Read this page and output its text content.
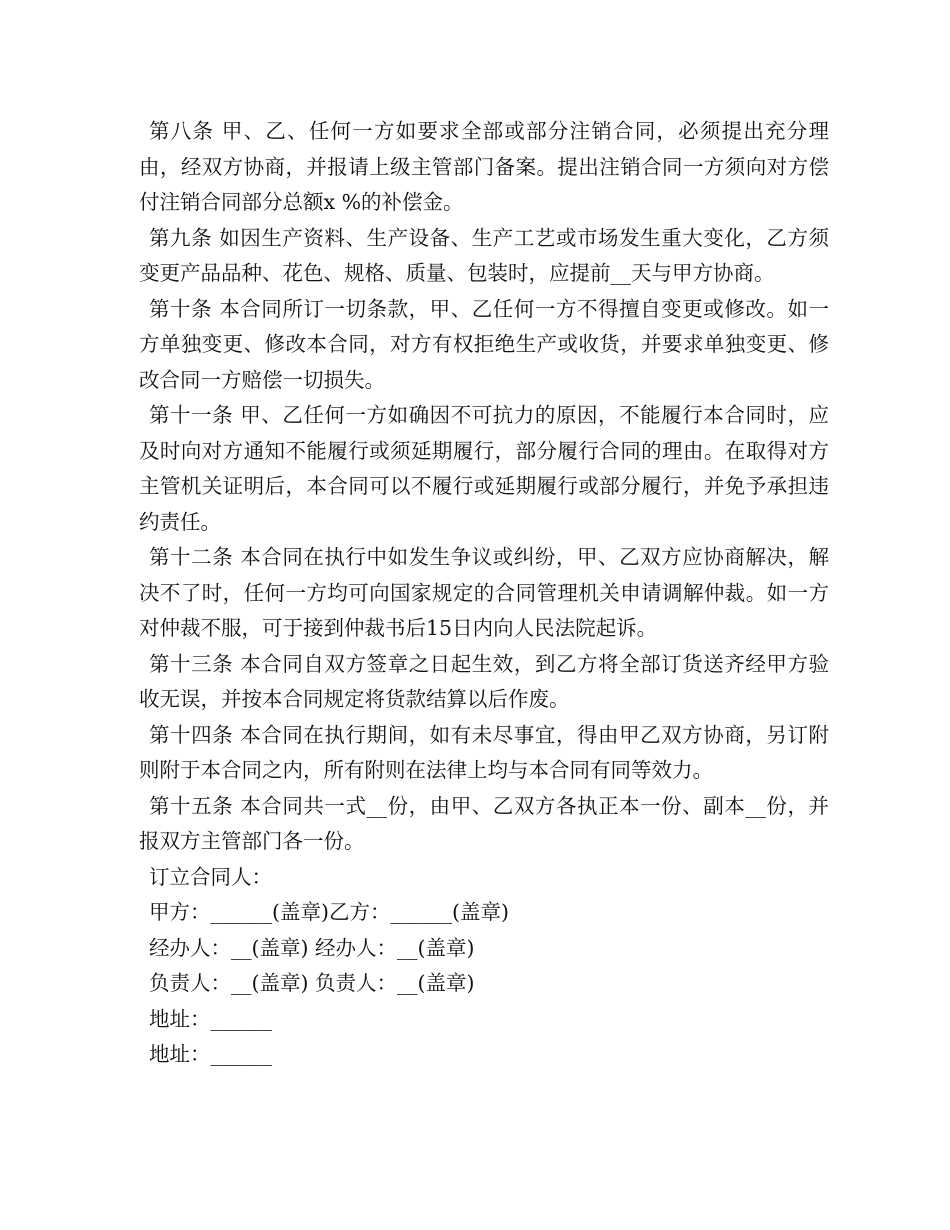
第八条 甲、乙、任何一方如要求全部或部分注销合同，必须提出充分理由，经双方协商，并报请上级主管部门备案。提出注销合同一方须向对方偿付注销合同部分总额x %的补偿金。

第九条 如因生产资料、生产设备、生产工艺或市场发生重大变化，乙方须变更产品品种、花色、规格、质量、包装时，应提前__天与甲方协商。

第十条 本合同所订一切条款，甲、乙任何一方不得擅自变更或修改。如一方单独变更、修改本合同，对方有权拒绝生产或收货，并要求单独变更、修改合同一方赔偿一切损失。

第十一条 甲、乙任何一方如确因不可抗力的原因，不能履行本合同时，应及时向对方通知不能履行或须延期履行，部分履行合同的理由。在取得对方主管机关证明后，本合同可以不履行或延期履行或部分履行，并免予承担违约责任。

第十二条 本合同在执行中如发生争议或纠纷，甲、乙双方应协商解决，解决不了时，任何一方均可向国家规定的合同管理机关申请调解仲裁。如一方对仲裁不服，可于接到仲裁书后15日内向人民法院起诉。

第十三条 本合同自双方签章之日起生效，到乙方将全部订货送齐经甲方验收无误，并按本合同规定将货款结算以后作废。

第十四条 本合同在执行期间，如有未尽事宜，得由甲乙双方协商，另订附则附于本合同之内，所有附则在法律上均与本合同有同等效力。

第十五条 本合同共一式__份，由甲、乙双方各执正本一份、副本__份，并报双方主管部门各一份。

订立合同人：

甲方：______(盖章)乙方：______(盖章)

经办人：__(盖章) 经办人：__(盖章)

负责人：__(盖章) 负责人：__(盖章)

地址：______

地址：______
